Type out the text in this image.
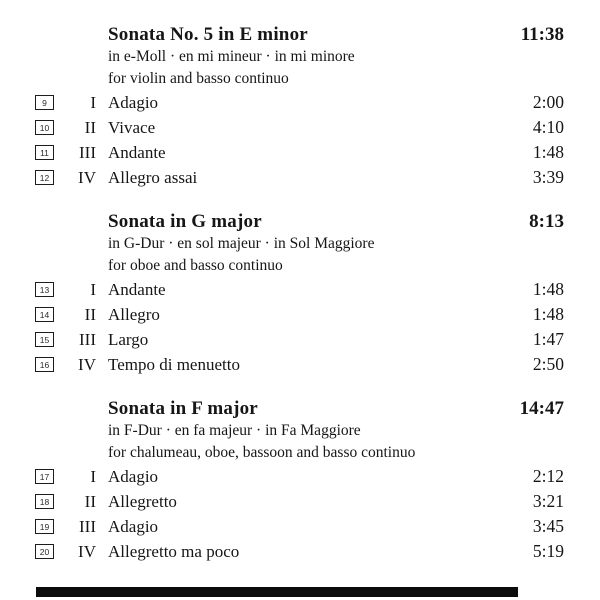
Sonata No. 5 in E minor	11:38
in e-Moll · en mi mineur · in mi minore
for violin and basso continuo
9	I Adagio	2:00
10	II Vivace	4:10
11	III Andante	1:48
12	IV Allegro assai	3:39
Sonata in G major	8:13
in G-Dur · en sol majeur · in Sol Maggiore
for oboe and basso continuo
13	I Andante	1:48
14	II Allegro	1:48
15	III Largo	1:47
16	IV Tempo di menuetto	2:50
Sonata in F major	14:47
in F-Dur · en fa majeur · in Fa Maggiore
for chalumeau, oboe, bassoon and basso continuo
17	I Adagio	2:12
18	II Allegretto	3:21
19	III Adagio	3:45
20	IV Allegretto ma poco	5:19
